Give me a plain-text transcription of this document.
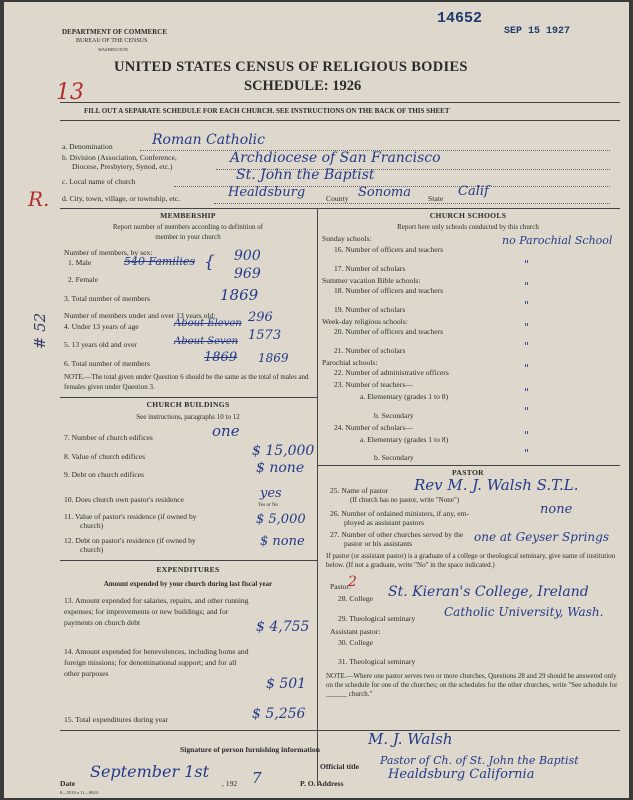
DEPARTMENT OF COMMERCE
BUREAU OF THE CENSUS
WASHINGTON
14652
SEP 15 1927
UNITED STATES CENSUS OF RELIGIOUS BODIES
SCHEDULE: 1926
13
FILL OUT A SEPARATE SCHEDULE FOR EACH CHURCH. SEE INSTRUCTIONS ON THE BACK OF THIS SHEET
a. Denomination	Roman Catholic
b. Division (Association, Conference,
Diocese, Presbytery, Synod, etc.)
Archdiocese of San Francisco
c. Local name of church	St. John the Baptist
d. City, town, village, or township, etc.	Healdsburg	County Sonoma State Calif
R.
# 52
MEMBERSHIP
Report number of members according to definition of
member in your church
Number of members, by sex:
1. Male	540 Families { 900
2. Female	969
3. Total number of members	1869
Number of members under and over 13 years old:
4. Under 13 years of age	About Eleven 296
5. 13 years old and over	About Seven 1573
6. Total number of members	1869 1869
NOTE.—The total given under Question 6 should be the same as the total of males and females given under Question 3.
CHURCH BUILDINGS
See instructions, paragraphs 10 to 12
7. Number of church edifices	one
8. Value of church edifices	$ 15,000
9. Debt on church edifices	$ none
10. Does church own pastor's residence	yes
Yes or No
11. Value of pastor's residence (if owned by
church)	$ 5,000
12. Debt on pastor's residence (if owned by
church)
$ none
EXPENDITURES
Amount expended by your church during last fiscal year
13. Amount expended for salaries, repairs, and other running expenses; for improvements or new buildings; and for payments on church debt	$ 4,755
14. Amount expended for benevolences, including home and foreign missions; for denominational support; and for all other purposes
$ 501
15. Total expenditures during year	$ 5,256
CHURCH SCHOOLS
Report here only schools conducted by this church
Sunday schools:
16. Number of officers and teachers
no Parochial School
17. Number of scholars	"
Summer vacation Bible schools:
18. Number of officers and teachers	"
19. Number of scholars	"
Week-day religious schools:
20. Number of officers and teachers	"
21. Number of scholars	"
Parochial schools:
22. Number of administrative officers	"
23. Number of teachers—
a. Elementary (grades 1 to 8)	"
b. Secondary	"
24. Number of scholars—
a. Elementary (grades 1 to 8)	"
b. Secondary	"
PASTOR
25. Name of pastor Rev M. J. Walsh S.T.L.
(If church has no pastor, write "None")
26. Number of ordained ministers, if any, em-
ployed as assistant pastors
none
27. Number of other churches served by the
pastor or his assistants	one at Geyser Springs
If pastor (or assistant pastor) is a graduate of a college or theological seminary, give name of institution below. (If not a graduate, write "No" in the space indicated.)
Pastor:
2
28. College St. Kieran's College, Ireland
29. Theological seminary Catholic University, Wash.
Assistant pastor:
30. College
31. Theological seminary
NOTE.—Where one pastor serves two or more churches, Questions 28 and 29 should be answered only on the schedule for one of the churches; on the schedules for the other churches, write "See schedule for ______ church."
Signature of person furnishing information
M. J. Walsh
Official title Pastor of Ch. of St. John the Baptist
Date
September 1st
, 192 7	P. O. Address
Healdsburg California
8—5519 a 11—9024
